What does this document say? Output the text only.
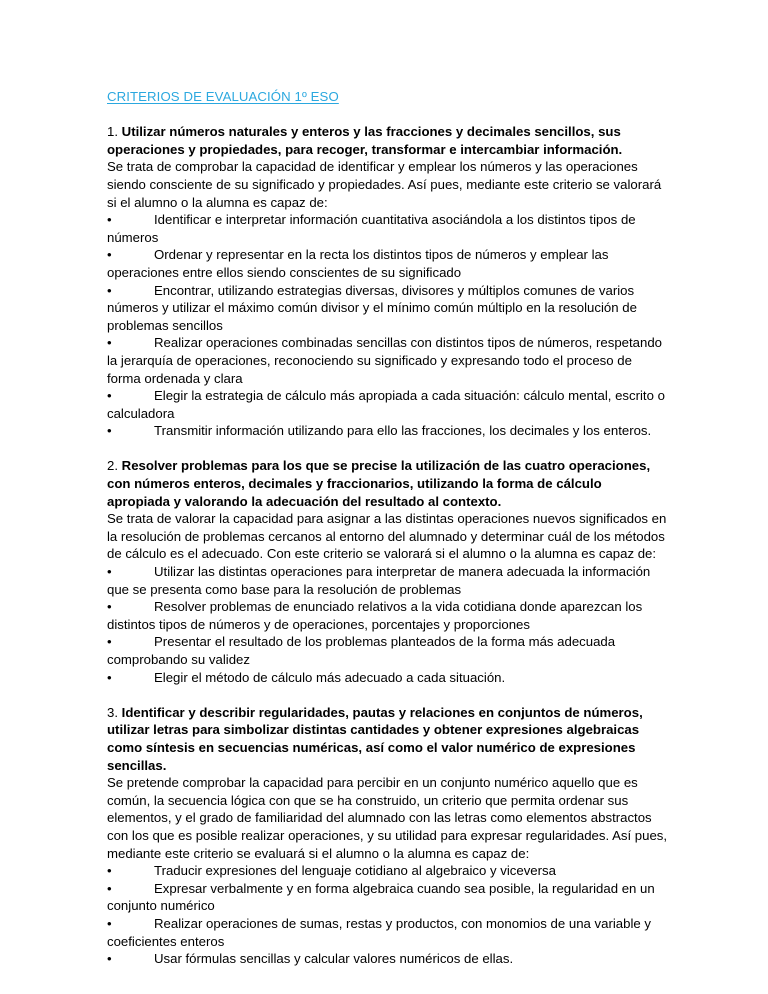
CRITERIOS DE EVALUACIÓN 1º ESO

1. Utilizar números naturales y enteros y las fracciones y decimales sencillos, sus operaciones y propiedades, para recoger, transformar e intercambiar información.

Se trata de comprobar la capacidad de identificar y emplear los números y las operaciones siendo consciente de su significado y propiedades. Así pues, mediante este criterio se valorará si el alumno o la alumna es capaz de:

•	Identificar e interpretar información cuantitativa asociándola a los distintos tipos de números

•	Ordenar y representar en la recta los distintos tipos de números y emplear las operaciones entre ellos siendo conscientes de su significado

•	Encontrar, utilizando estrategias diversas, divisores y múltiplos comunes de varios números y utilizar el máximo común divisor y el mínimo común múltiplo en la resolución de problemas sencillos

•	Realizar operaciones combinadas sencillas con distintos tipos de números, respetando la jerarquía de operaciones, reconociendo su significado y expresando todo el proceso de forma ordenada y clara

•	Elegir la estrategia de cálculo más apropiada a cada situación: cálculo mental, escrito o calculadora

•	Transmitir información utilizando para ello las fracciones, los decimales y los enteros.

2. Resolver problemas para los que se precise la utilización de las cuatro operaciones, con números enteros, decimales y fraccionarios, utilizando la forma de cálculo apropiada y valorando la adecuación del resultado al contexto.

Se trata de valorar la capacidad para asignar a las distintas operaciones nuevos significados en la resolución de problemas cercanos al entorno del alumnado y determinar cuál de los métodos de cálculo es el adecuado. Con este criterio se valorará si el alumno o la alumna es capaz de:

•	Utilizar las distintas operaciones para interpretar de manera adecuada la información que se presenta como base para la resolución de problemas

•	Resolver problemas de enunciado relativos a la vida cotidiana donde aparezcan los distintos tipos de números y de operaciones, porcentajes y proporciones

•	Presentar el resultado de los problemas planteados de la forma más adecuada comprobando su validez

•	Elegir el método de cálculo más adecuado a cada situación.

3. Identificar y describir regularidades, pautas y relaciones en conjuntos de números, utilizar letras para simbolizar distintas cantidades y obtener expresiones algebraicas como síntesis en secuencias numéricas, así como el valor numérico de expresiones sencillas.

Se pretende comprobar la capacidad para percibir en un conjunto numérico aquello que es común, la secuencia lógica con que se ha construido, un criterio que permita ordenar sus elementos, y el grado de familiaridad del alumnado con las letras como elementos abstractos con los que es posible realizar operaciones, y su utilidad para expresar regularidades. Así pues, mediante este criterio se evaluará si el alumno o la alumna es capaz de:

•	Traducir expresiones del lenguaje cotidiano al algebraico y viceversa

•	Expresar verbalmente y en forma algebraica cuando sea posible, la regularidad en un conjunto numérico

•	Realizar operaciones de sumas, restas y productos, con monomios de una variable y coeficientes enteros

•	Usar fórmulas sencillas y calcular valores numéricos de ellas.
